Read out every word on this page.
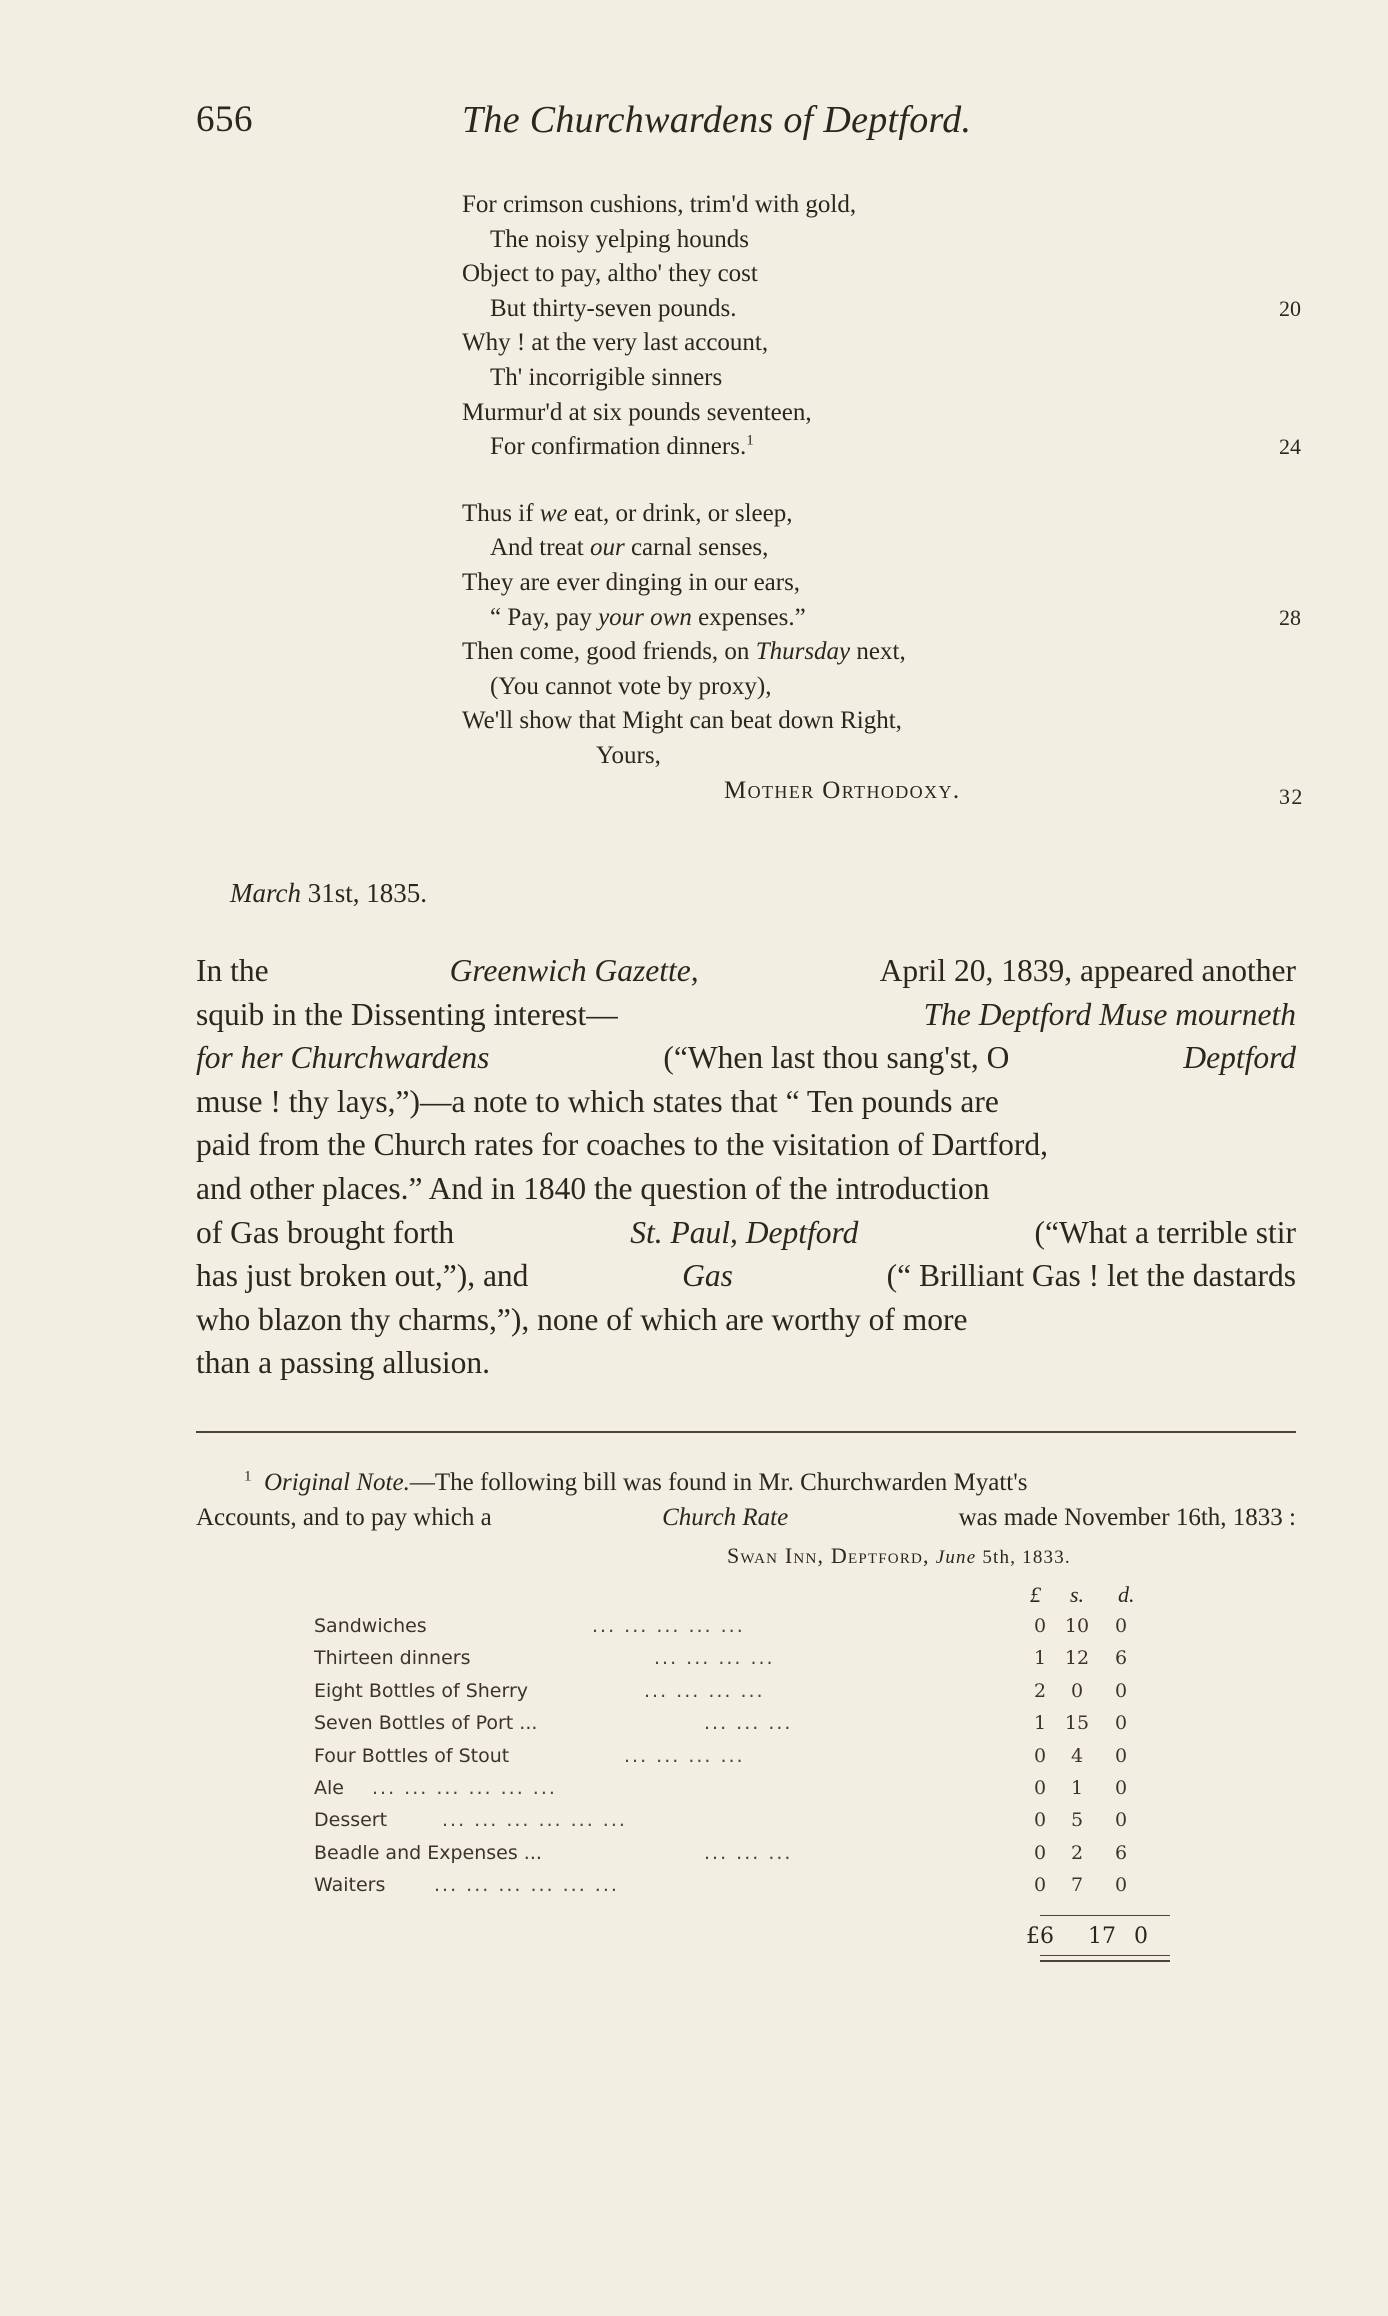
656	The Churchwardens of Deptford.
For crimson cushions, trim'd with gold,
The noisy yelping hounds
Object to pay, altho' they cost
But thirty-seven pounds.	20
Why ! at the very last account,
Th' incorrigible sinners
Murmur'd at six pounds seventeen,
For confirmation dinners.$^1$	24
Thus if we eat, or drink, or sleep,
And treat our carnal senses,
They are ever dinging in our ears,
“ Pay, pay your own expenses.”	28
Then come, good friends, on Thursday next,
(You cannot vote by proxy),
We'll show that Might can beat down Right,
Yours,
Mother Orthodoxy.	32
March 31st, 1835.
In the	Greenwich Gazette,	April 20, 1839, appeared another
squib in the Dissenting interest—	The Deptford Muse mourneth
for her Churchwardens	(“When last thou sang'st, O	Deptford
muse ! thy lays,”)—a note to which states that “ Ten pounds are
paid from the Church rates for coaches to the visitation of Dartford,
and other places.” And in 1840 the question of the introduction
of Gas brought forth	St. Paul, Deptford	(“What a terrible stir
has just broken out,”), and	Gas	(“ Brilliant Gas ! let the dastards
who blazon thy charms,”), none of which are worthy of more
than a passing allusion.
$^1$ Original Note.—The following bill was found in Mr. Churchwarden Myatt's
Accounts, and to pay which a	Church Rate	was made November 16th, 1833 :
Swan Inn, Deptford, June 5th, 1833.
£ s. d.
Sandwiches	... ... ... ... ...	0 10	0
Thirteen dinners	... ... ... ...	1 12	6
Eight Bottles of Sherry	... ... ... ...	2	0	0
Seven Bottles of Port ...	... ... ...	1 15	0
Four Bottles of Stout	... ... ... ...	0	4	0
Ale ... ... ... ... ... ...	0	1	0
Dessert	... ... ... ... ... ...	0	5	0
Beadle and Expenses ...	... ... ...	0	2	6
Waiters	... ... ... ... ... ...	0	7	0
£6 17 0
